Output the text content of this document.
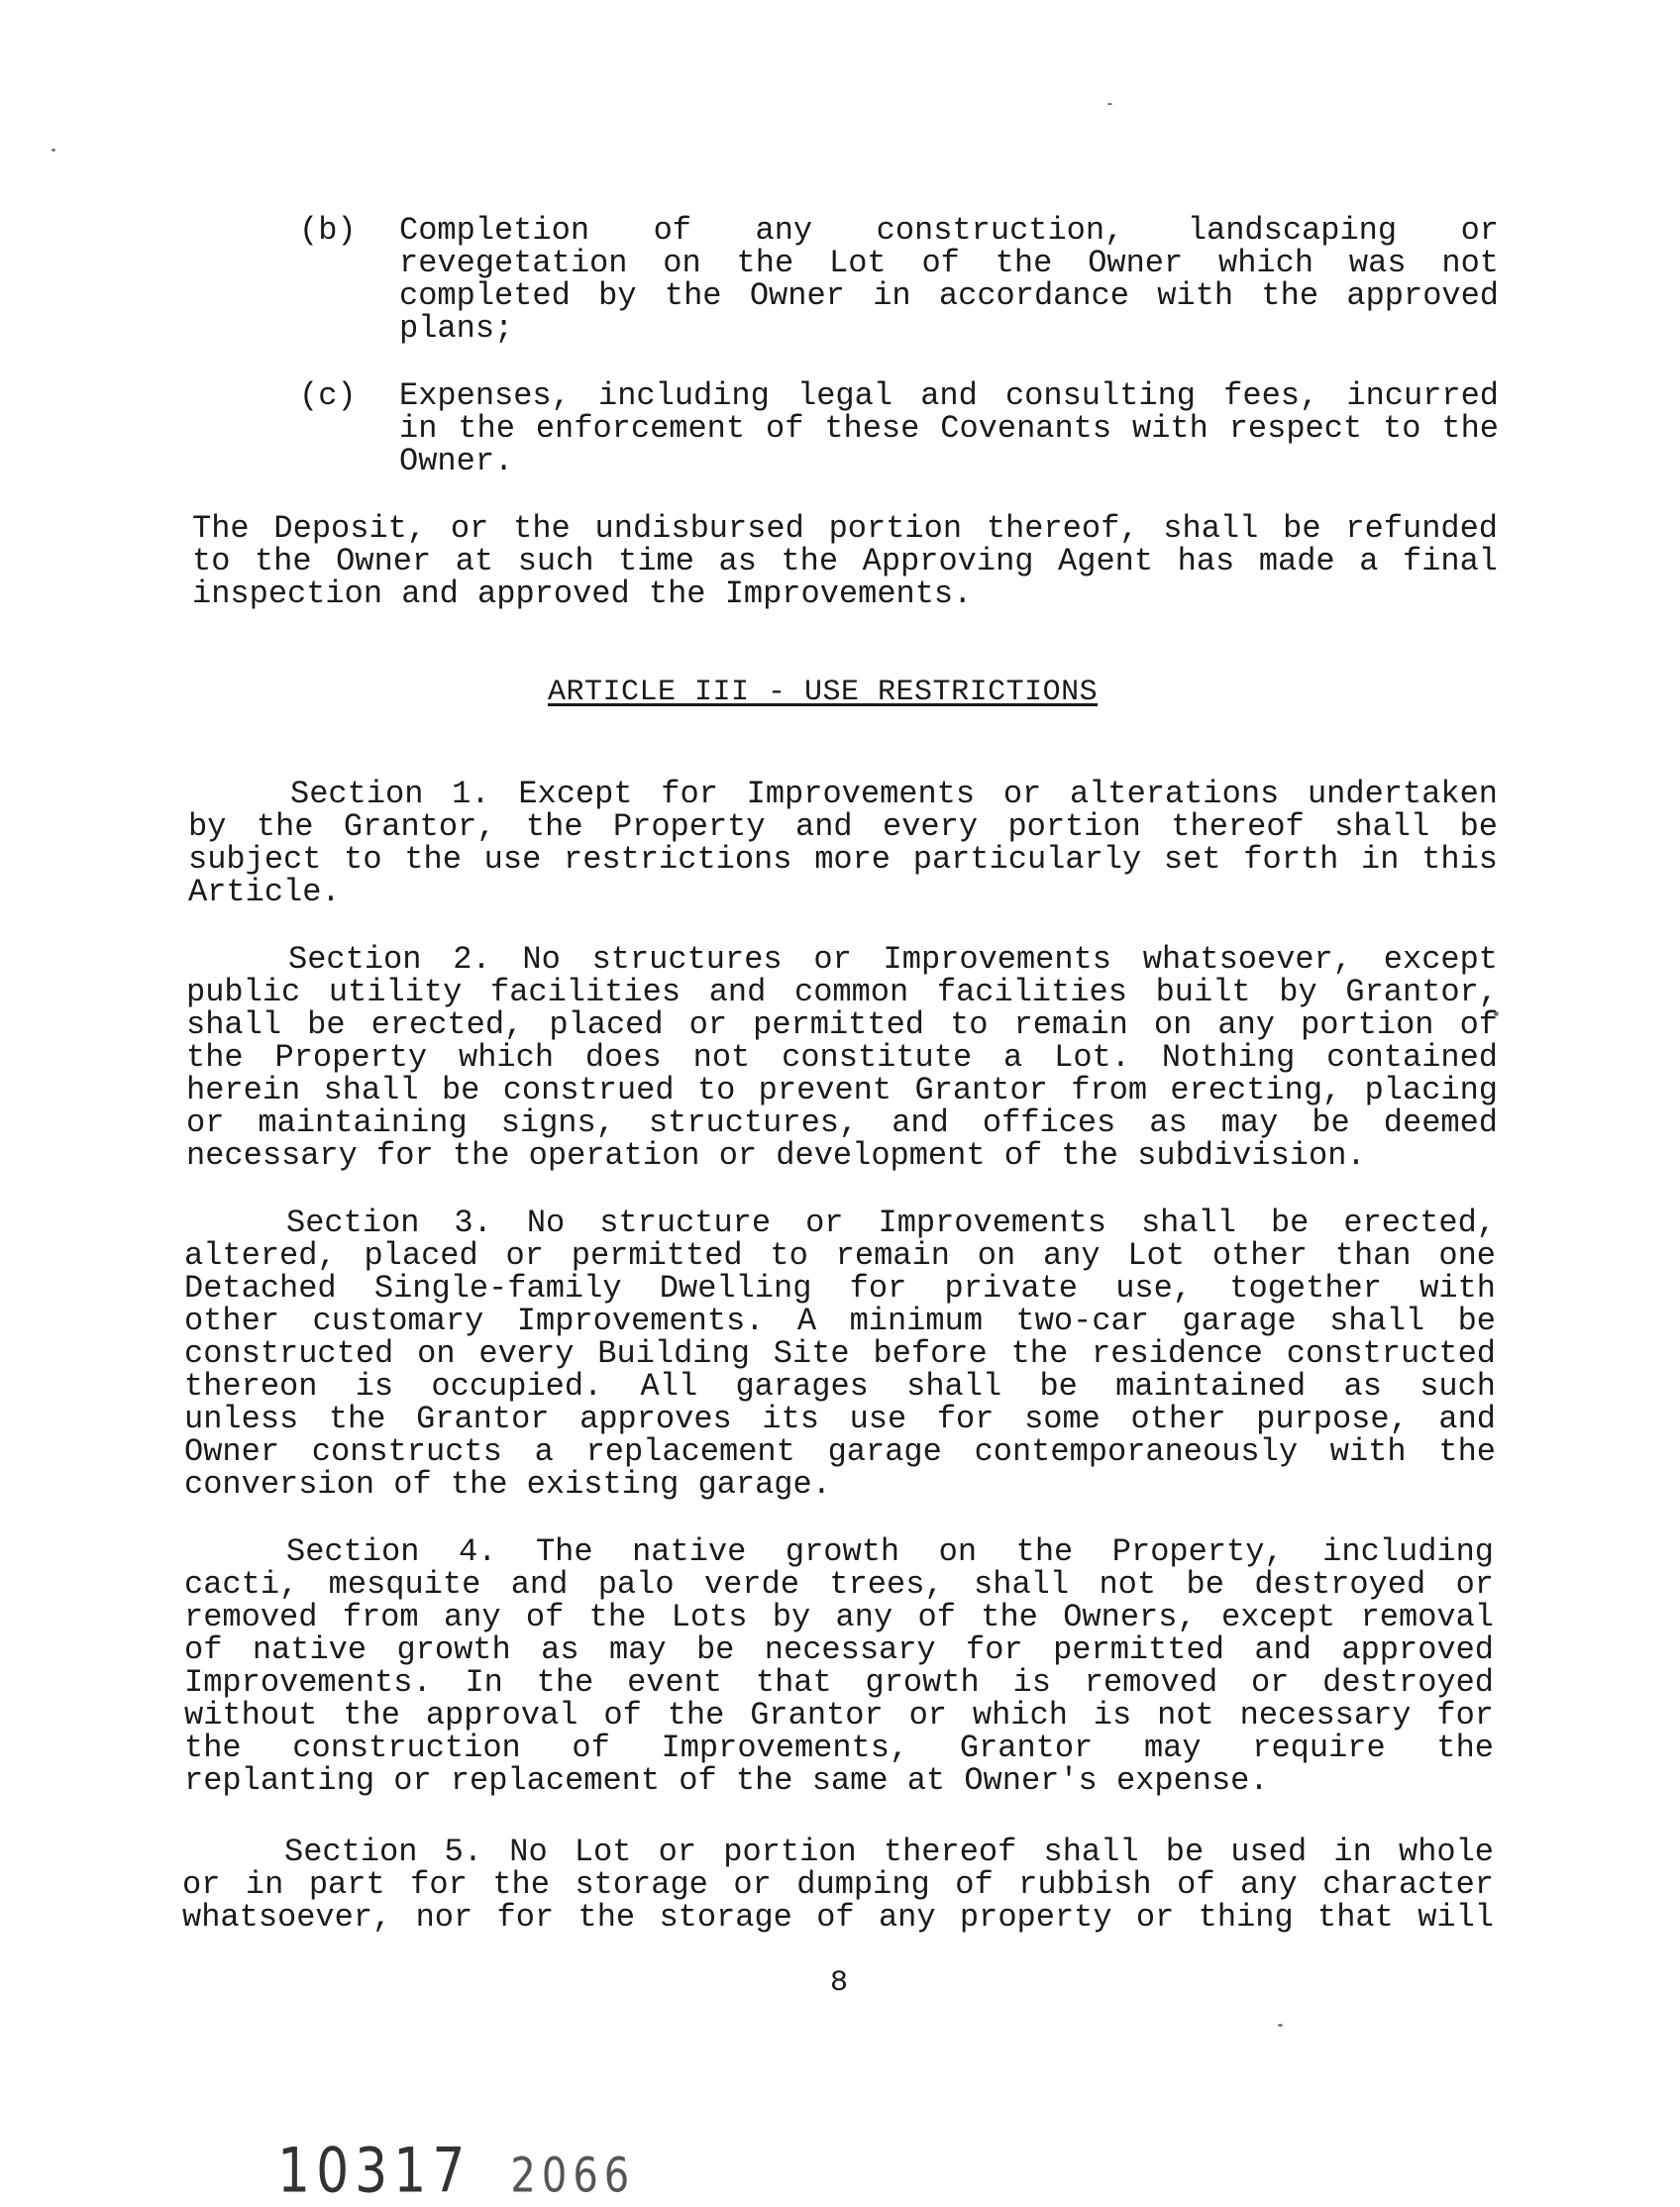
(b) Completion of any construction, landscaping or
revegetation on the Lot of the Owner which was not
completed by the Owner in accordance with the approved
plans;
(c) Expenses, including legal and consulting fees, incurred
in the enforcement of these Covenants with respect to the
Owner.
The Deposit, or the undisbursed portion thereof, shall be refunded
to the Owner at such time as the Approving Agent has made a final
inspection and approved the Improvements.
ARTICLE III - USE RESTRICTIONS
Section 1. Except for Improvements or alterations undertaken
by the Grantor, the Property and every portion thereof shall be
subject to the use restrictions more particularly set forth in this
Article.
Section 2. No structures or Improvements whatsoever, except
public utility facilities and common facilities built by Grantor,
shall be erected, placed or permitted to remain on any portion of
the Property which does not constitute a Lot. Nothing contained
herein shall be construed to prevent Grantor from erecting, placing
or maintaining signs, structures, and offices as may be deemed
necessary for the operation or development of the subdivision.
Section 3. No structure or Improvements shall be erected,
altered, placed or permitted to remain on any Lot other than one
Detached Single-family Dwelling for private use, together with
other customary Improvements. A minimum two-car garage shall be
constructed on every Building Site before the residence constructed
thereon is occupied. All garages shall be maintained as such
unless the Grantor approves its use for some other purpose, and
Owner constructs a replacement garage contemporaneously with the
conversion of the existing garage.
Section 4. The native growth on the Property, including
cacti, mesquite and palo verde trees, shall not be destroyed or
removed from any of the Lots by any of the Owners, except removal
of native growth as may be necessary for permitted and approved
Improvements. In the event that growth is removed or destroyed
without the approval of the Grantor or which is not necessary for
the construction of Improvements, Grantor may require the
replanting or replacement of the same at Owner's expense.
Section 5. No Lot or portion thereof shall be used in whole
or in part for the storage or dumping of rubbish of any character
whatsoever, nor for the storage of any property or thing that will
8
10317 2066
